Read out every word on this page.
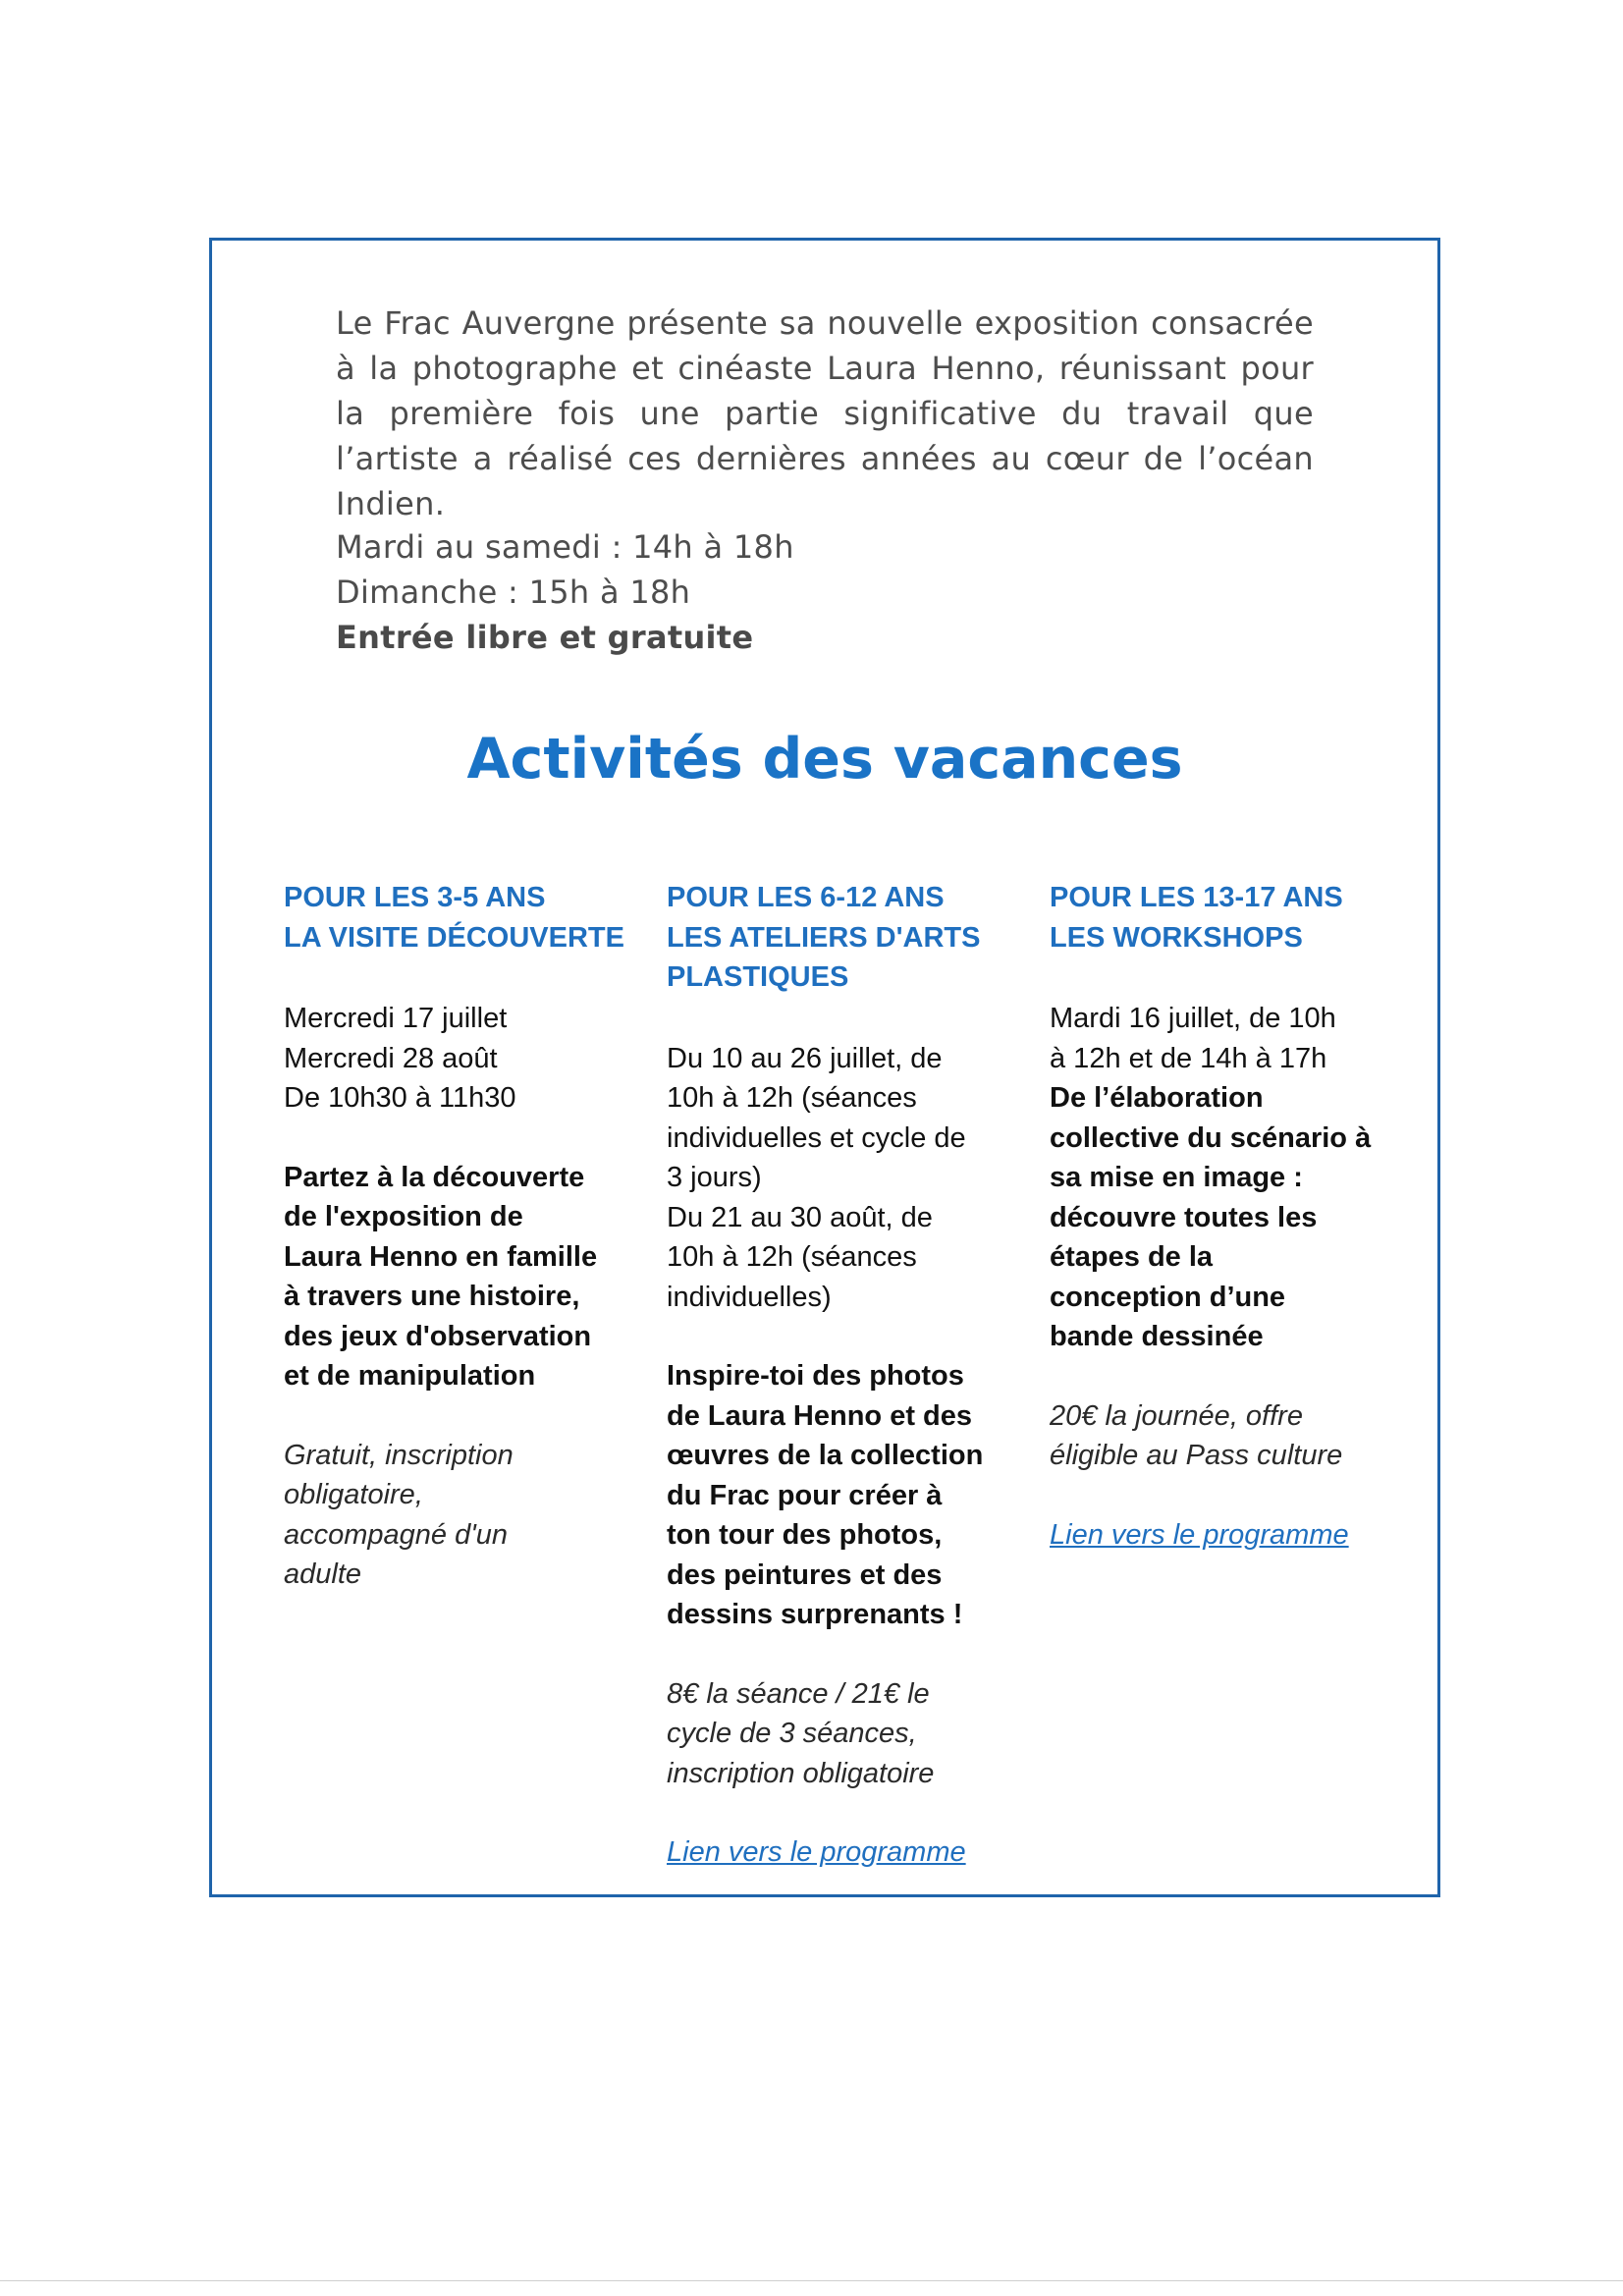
Le Frac Auvergne présente sa nouvelle exposition consacrée à la photographe et cinéaste Laura Henno, réunissant pour la première fois une partie significative du travail que l’artiste a réalisé ces dernières années au cœur de l’océan Indien.

Mardi au samedi : 14h à 18h
Dimanche : 15h à 18h
Entrée libre et gratuite
Activités des vacances
POUR LES 3-5 ANS
LA VISITE DÉCOUVERTE
Mercredi 17 juillet
Mercredi 28 août
De 10h30 à 11h30
Partez à la découverte
de l'exposition de
Laura Henno en famille
à travers une histoire,
des jeux d'observation
et de manipulation
Gratuit, inscription
obligatoire,
accompagné d'un
adulte
POUR LES 6-12 ANS
LES ATELIERS D'ARTS
PLASTIQUES
Du 10 au 26 juillet, de
10h à 12h (séances
individuelles et cycle de
3 jours)
Du 21 au 30 août, de
10h à 12h (séances
individuelles)
Inspire-toi des photos
de Laura Henno et des
œuvres de la collection
du Frac pour créer à
ton tour des photos,
des peintures et des
dessins surprenants !
8€ la séance / 21€ le
cycle de 3 séances,
inscription obligatoire
Lien vers le programme
POUR LES 13-17 ANS
LES WORKSHOPS
Mardi 16 juillet, de 10h
à 12h et de 14h à 17h
De l’élaboration
collective du scénario à
sa mise en image :
découvre toutes les
étapes de la
conception d’une
bande dessinée
20€ la journée, offre
éligible au Pass culture
Lien vers le programme
